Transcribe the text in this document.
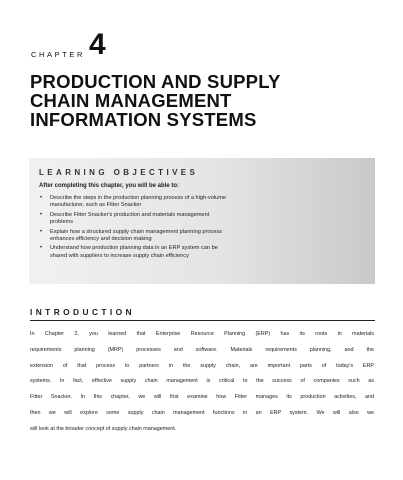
CHAPTER 4
PRODUCTION AND SUPPLY
CHAIN MANAGEMENT
INFORMATION SYSTEMS
LEARNING OBJECTIVES
After completing this chapter, you will be able to:
• Describe the steps in the production planning process of a high-volume
manufacturer, such as Fitter Snacker
• Describe Fitter Snacker's production and materials management
problems
• Explain how a structured supply chain management planning process
enhances efficiency and decision making
• Understand how production planning data in an ERP system can be
shared with suppliers to increase supply chain efficiency
INTRODUCTION
In Chapter 2, you learned that Enterprise Resource Planning (ERP) has its roots in materials
requirements planning (MRP) processes and software. Materials requirements planning, and the
extension of that process to partners in the supply chain, are important parts of today's ERP
systems. In fact, effective supply chain management is critical to the success of companies such as
Fitter Snacker. In this chapter, we will first examine how Fitter manages its production activities, and
then we will explore some supply chain management functions in an ERP system. We will also we
will look at the broader concept of supply chain management.
